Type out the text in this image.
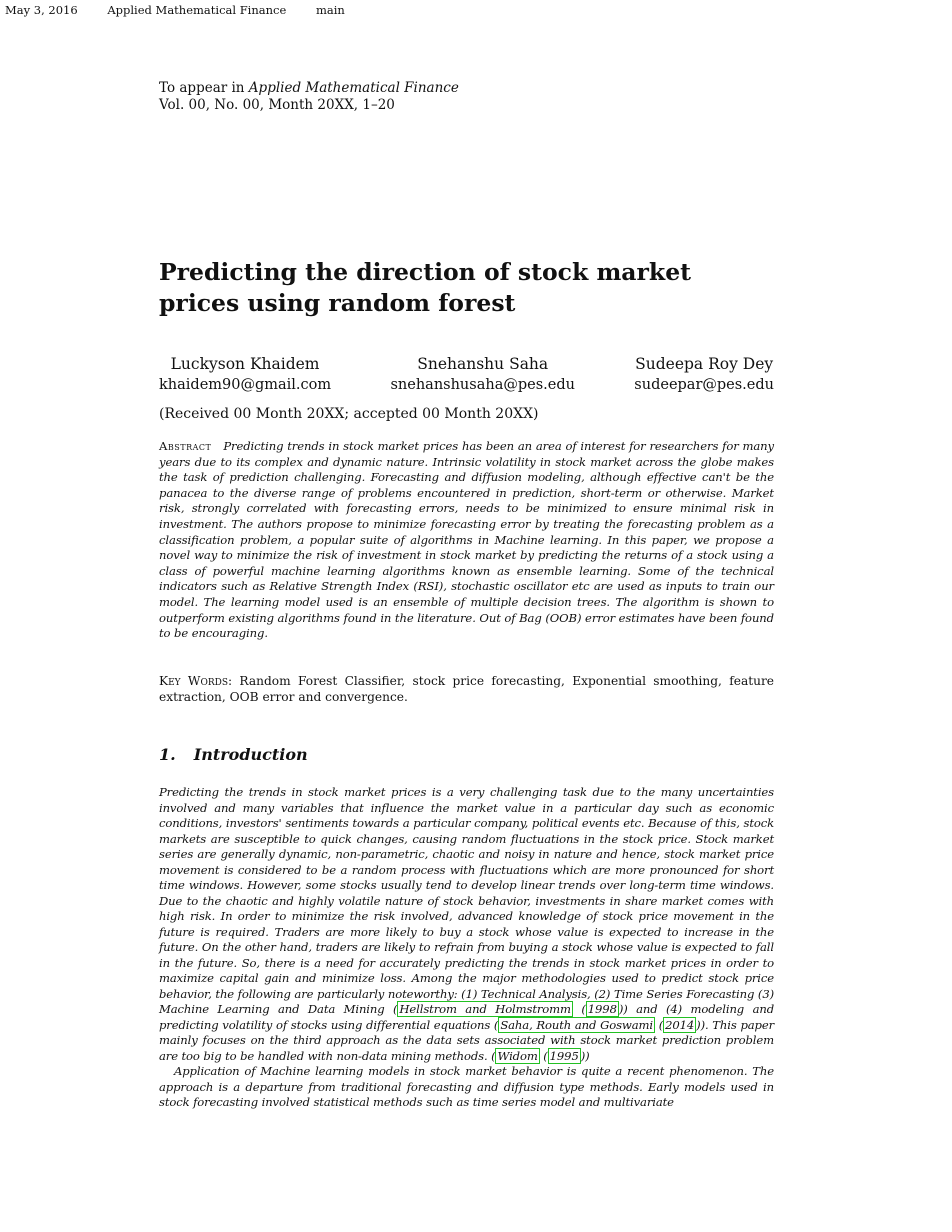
May 3, 2016	Applied Mathematical Finance	main
To appear in Applied Mathematical Finance
Vol. 00, No. 00, Month 20XX, 1–20
Predicting the direction of stock market prices using random forest
Luckyson Khaidem
khaidem90@gmail.com
Snehanshu Saha
snehanshusaha@pes.edu
Sudeepa Roy Dey
sudeepar@pes.edu
(Received 00 Month 20XX; accepted 00 Month 20XX)
Abstract Predicting trends in stock market prices has been an area of interest for researchers for many years due to its complex and dynamic nature. Intrinsic volatility in stock market across the globe makes the task of prediction challenging. Forecasting and diffusion modeling, although effective can't be the panacea to the diverse range of problems encountered in prediction, short-term or otherwise. Market risk, strongly correlated with forecasting errors, needs to be minimized to ensure minimal risk in investment. The authors propose to minimize forecasting error by treating the forecasting problem as a classification problem, a popular suite of algorithms in Machine learning. In this paper, we propose a novel way to minimize the risk of investment in stock market by predicting the returns of a stock using a class of powerful machine learning algorithms known as ensemble learning. Some of the technical indicators such as Relative Strength Index (RSI), stochastic oscillator etc are used as inputs to train our model. The learning model used is an ensemble of multiple decision trees. The algorithm is shown to outperform existing algorithms found in the literature. Out of Bag (OOB) error estimates have been found to be encouraging.
Key Words: Random Forest Classifier, stock price forecasting, Exponential smoothing, feature extraction, OOB error and convergence.
1. Introduction

Predicting the trends in stock market prices is a very challenging task due to the many uncertainties involved and many variables that influence the market value in a particular day such as economic conditions, investors' sentiments towards a particular company, political events etc. Because of this, stock markets are susceptible to quick changes, causing random fluctuations in the stock price. Stock market series are generally dynamic, non-parametric, chaotic and noisy in nature and hence, stock market price movement is considered to be a random process with fluctuations which are more pronounced for short time windows. However, some stocks usually tend to develop linear trends over long-term time windows. Due to the chaotic and highly volatile nature of stock behavior, investments in share market comes with high risk. In order to minimize the risk involved, advanced knowledge of stock price movement in the future is required. Traders are more likely to buy a stock whose value is expected to increase in the future. On the other hand, traders are likely to refrain from buying a stock whose value is expected to fall in the future. So, there is a need for accurately predicting the trends in stock market prices in order to maximize capital gain and minimize loss. Among the major methodologies used to predict stock price behavior, the following are particularly noteworthy: (1) Technical Analysis, (2) Time Series Forecasting (3) Machine Learning and Data Mining ( Hellstrom and Holmstromm ( 1998 )) and (4) modeling and predicting volatility of stocks using differential equations ( Saha, Routh and Goswami ( 2014 )). This paper mainly focuses on the third approach as the data sets associated with stock market prediction problem are too big to be handled with non-data mining methods. ( Widom ( 1995 ))

Application of Machine learning models in stock market behavior is quite a recent phenomenon. The approach is a departure from traditional forecasting and diffusion type methods. Early models used in stock forecasting involved statistical methods such as time series model and multivariate
